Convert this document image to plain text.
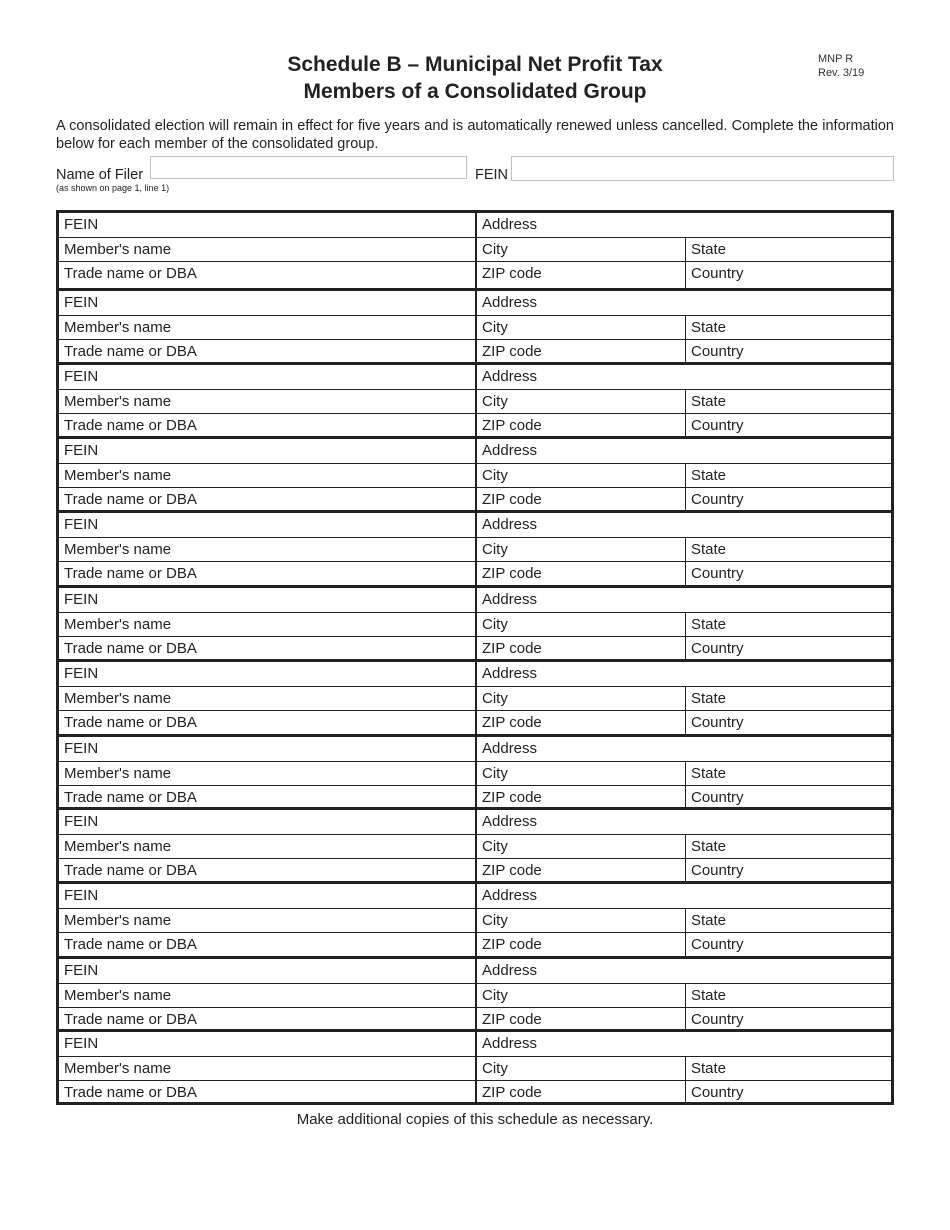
MNP R
Rev. 3/19
Schedule B – Municipal Net Profit Tax
Members of a Consolidated Group
A consolidated election will remain in effect for five years and is automatically renewed unless cancelled. Complete the information below for each member of the consolidated group.
Name of Filer
(as shown on page 1, line 1)
FEIN
FEIN	Address
Member's name	City	State
Trade name or DBA	ZIP code	Country
FEIN	Address
Member's name	City	State
Trade name or DBA	ZIP code	Country
FEIN	Address
Member's name	City	State
Trade name or DBA	ZIP code	Country
FEIN	Address
Member's name	City	State
Trade name or DBA	ZIP code	Country
FEIN	Address
Member's name	City	State
Trade name or DBA	ZIP code	Country
FEIN	Address
Member's name	City	State
Trade name or DBA	ZIP code	Country
FEIN	Address
Member's name	City	State
Trade name or DBA	ZIP code	Country
FEIN	Address
Member's name	City	State
Trade name or DBA	ZIP code	Country
FEIN	Address
Member's name	City	State
Trade name or DBA	ZIP code	Country
FEIN	Address
Member's name	City	State
Trade name or DBA	ZIP code	Country
FEIN	Address
Member's name	City	State
Trade name or DBA	ZIP code	Country
FEIN	Address
Member's name	City	State
Trade name or DBA	ZIP code	Country
Make additional copies of this schedule as necessary.
